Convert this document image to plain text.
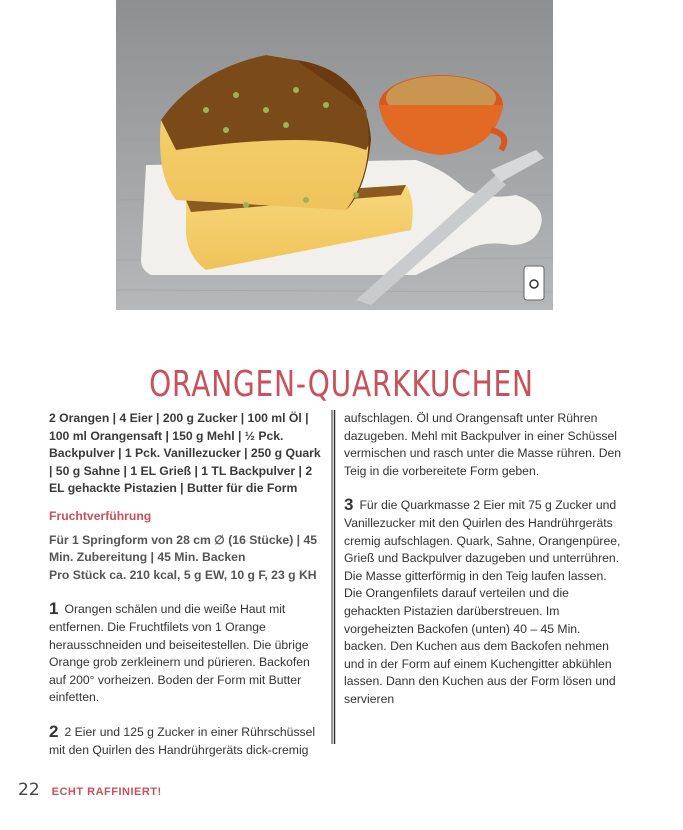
ORANGEN-QUARKKUCHEN

2 Orangen | 4 Eier | 200 g Zucker | 100 ml Öl | 100 ml Orangensaft | 150 g Mehl | ½ Pck. Backpulver | 1 Pck. Vanillezucker | 250 g Quark | 50 g Sahne | 1 EL Grieß | 1 TL Backpulver | 2 EL gehackte Pistazien | Butter für die Form

Fruchtverführung

Für 1 Springform von 28 cm ∅ (16 Stücke) | 45 Min. Zubereitung | 45 Min. Backen

Pro Stück ca. 210 kcal, 5 g EW, 10 g F, 23 g KH

1 Orangen schälen und die weiße Haut mit entfernen. Die Fruchtfilets von 1 Orange herausschneiden und beiseitestellen. Die übrige Orange grob zerkleinern und pürieren. Backofen auf 200° vorheizen. Boden der Form mit Butter einfetten.

2 2 Eier und 125 g Zucker in einer Rührschüssel mit den Quirlen des Handrührgeräts dick-cremig

aufschlagen. Öl und Orangensaft unter Rühren dazugeben. Mehl mit Backpulver in einer Schüssel vermischen und rasch unter die Masse rühren. Den Teig in die vorbereitete Form geben.

3 Für die Quarkmasse 2 Eier mit 75 g Zucker und Vanillezucker mit den Quirlen des Handrührgeräts cremig aufschlagen. Quark, Sahne, Orangenpüree, Grieß und Backpulver dazugeben und unterrühren. Die Masse gitterförmig in den Teig laufen lassen. Die Orangenfilets darauf verteilen und die gehackten Pistazien darüberstreuen. Im vorgeheizten Backofen (unten) 40 – 45 Min. backen. Den Kuchen aus dem Backofen nehmen und in der Form auf einem Kuchengitter abkühlen lassen. Dann den Kuchen aus der Form lösen und servieren

22 ECHT RAFFINIERT!
